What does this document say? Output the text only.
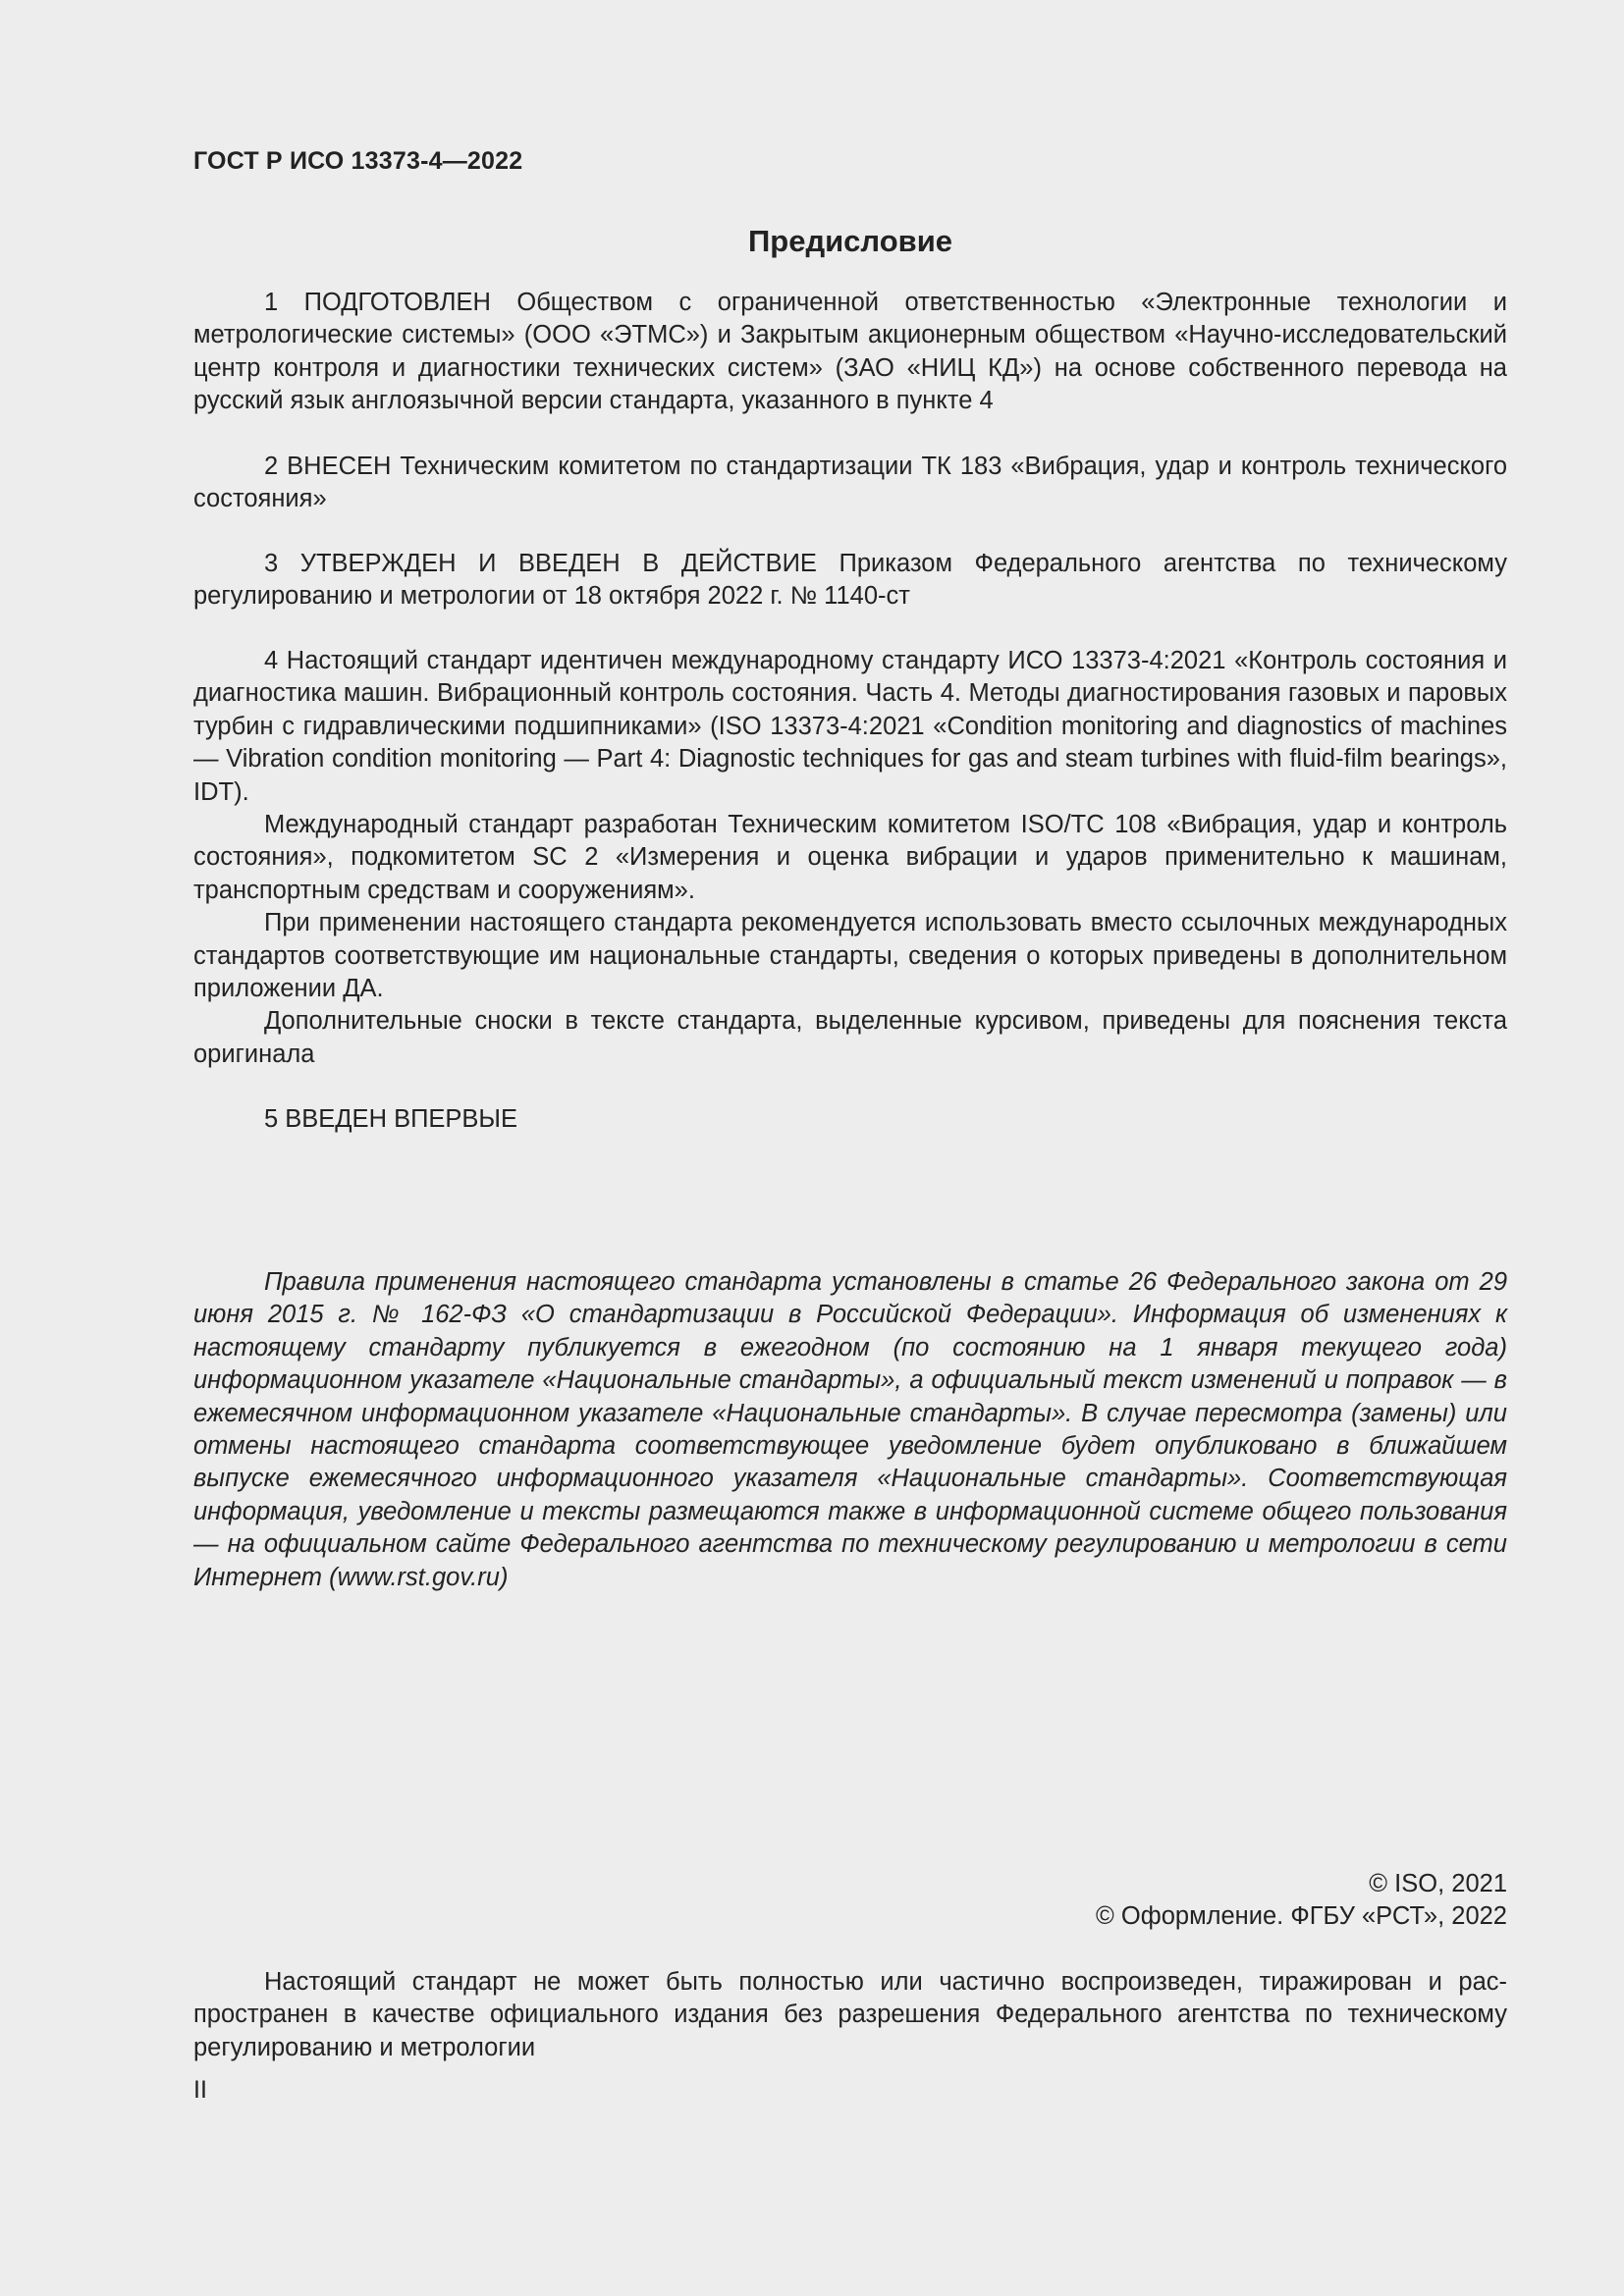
ГОСТ Р ИСО 13373-4—2022
Предисловие

1 ПОДГОТОВЛЕН Обществом с ограниченной ответственностью «Электронные технологии и метрологические системы» (ООО «ЭТМС») и Закрытым акционерным обществом «Научно-исследовательский центр контроля и диагностики технических систем» (ЗАО «НИЦ КД») на основе собственного перевода на русский язык англоязычной версии стандарта, указанного в пункте 4

2 ВНЕСЕН Техническим комитетом по стандартизации ТК 183 «Вибрация, удар и контроль технического состояния»

3 УТВЕРЖДЕН И ВВЕДЕН В ДЕЙСТВИЕ Приказом Федерального агентства по техническому регулированию и метрологии от 18 октября 2022 г. № 1140-ст

4 Настоящий стандарт идентичен международному стандарту ИСО 13373-4:2021 «Контроль состояния и диагностика машин. Вибрационный контроль состояния. Часть 4. Методы диагностирования газовых и паровых турбин с гидравлическими подшипниками» (ISO 13373-4:2021 «Condition monitoring and diagnostics of machines — Vibration condition monitoring — Part 4: Diagnostic techniques for gas and steam turbines with fluid-film bearings», IDT).

Международный стандарт разработан Техническим комитетом ISO/TC 108 «Вибрация, удар и контроль состояния», подкомитетом SC 2 «Измерения и оценка вибрации и ударов применительно к машинам, транспортным средствам и сооружениям».

При применении настоящего стандарта рекомендуется использовать вместо ссылочных международных стандартов соответствующие им национальные стандарты, сведения о которых приведены в дополнительном приложении ДА.

Дополнительные сноски в тексте стандарта, выделенные курсивом, приведены для пояснения текста оригинала

5 ВВЕДЕН ВПЕРВЫЕ

Правила применения настоящего стандарта установлены в статье 26 Федерального закона от 29 июня 2015 г. № 162-ФЗ «О стандартизации в Российской Федерации». Информация об изменениях к настоящему стандарту публикуется в ежегодном (по состоянию на 1 января текущего года) информационном указателе «Национальные стандарты», а официальный текст изменений и поправок — в ежемесячном информационном указателе «Национальные стандарты». В случае пересмотра (замены) или отмены настоящего стандарта соответствующее уведомление будет опубликовано в ближайшем выпуске ежемесячного информационного указателя «Национальные стандарты». Соответствующая информация, уведомление и тексты размещаются также в информационной системе общего пользования — на официальном сайте Федерального агентства по техническому регулированию и метрологии в сети Интернет (www.rst.gov.ru)

© ISO, 2021
© Оформление. ФГБУ «РСТ», 2022

Настоящий стандарт не может быть полностью или частично воспроизведен, тиражирован и распространен в качестве официального издания без разрешения Федерального агентства по техническому регулированию и метрологии

II
